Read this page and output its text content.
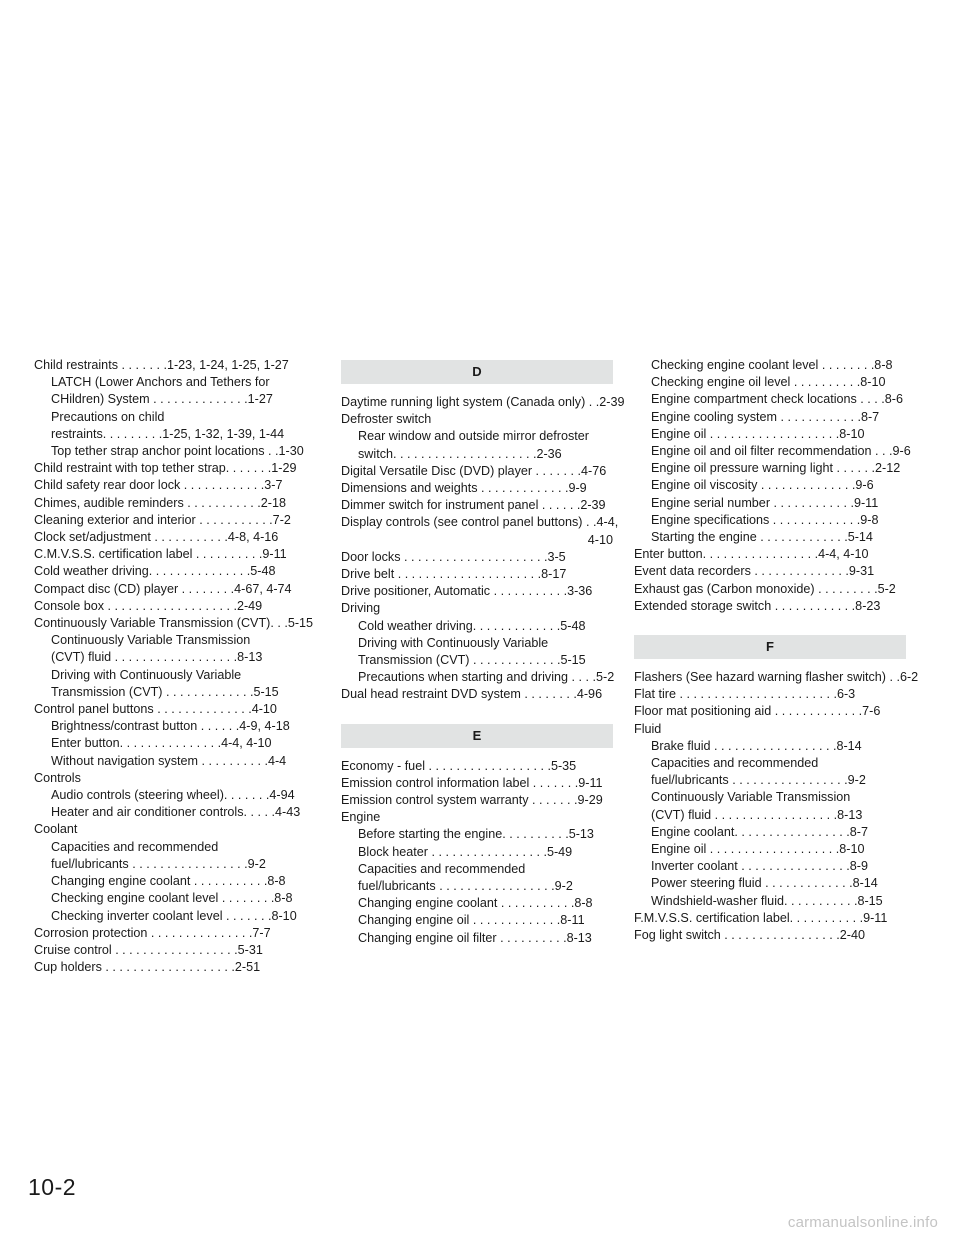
Child restraints . . . . . . .1-23, 1-24, 1-25, 1-27
LATCH (Lower Anchors and Tethers for
CHildren) System . . . . . . . . . . . . . .1-27
Precautions on child
restraints. . . . . . . . .1-25, 1-32, 1-39, 1-44
Top tether strap anchor point locations . .1-30
Child restraint with top tether strap. . . . . . .1-29
Child safety rear door lock . . . . . . . . . . . .3-7
Chimes, audible reminders . . . . . . . . . . .2-18
Cleaning exterior and interior . . . . . . . . . . .7-2
Clock set/adjustment . . . . . . . . . . .4-8, 4-16
C.M.V.S.S. certification label . . . . . . . . . .9-11
Cold weather driving. . . . . . . . . . . . . . .5-48
Compact disc (CD) player . . . . . . . .4-67, 4-74
Console box . . . . . . . . . . . . . . . . . . .2-49
Continuously Variable Transmission (CVT). . .5-15
Continuously Variable Transmission
(CVT) fluid . . . . . . . . . . . . . . . . . .8-13
Driving with Continuously Variable
Transmission (CVT) . . . . . . . . . . . . .5-15
Control panel buttons . . . . . . . . . . . . . .4-10
Brightness/contrast button . . . . . .4-9, 4-18
Enter button. . . . . . . . . . . . . . .4-4, 4-10
Without navigation system . . . . . . . . . .4-4
Controls
Audio controls (steering wheel). . . . . . .4-94
Heater and air conditioner controls. . . . .4-43
Coolant
Capacities and recommended
fuel/lubricants . . . . . . . . . . . . . . . . .9-2
Changing engine coolant . . . . . . . . . . .8-8
Checking engine coolant level . . . . . . . .8-8
Checking inverter coolant level . . . . . . .8-10
Corrosion protection . . . . . . . . . . . . . . .7-7
Cruise control . . . . . . . . . . . . . . . . . .5-31
Cup holders . . . . . . . . . . . . . . . . . . .2-51
D
Daytime running light system (Canada only) . .2-39
Defroster switch
Rear window and outside mirror defroster
switch. . . . . . . . . . . . . . . . . . . . .2-36
Digital Versatile Disc (DVD) player . . . . . . .4-76
Dimensions and weights . . . . . . . . . . . . .9-9
Dimmer switch for instrument panel . . . . . .2-39
Display controls (see control panel buttons) . .4-4,
4-10
Door locks . . . . . . . . . . . . . . . . . . . . .3-5
Drive belt . . . . . . . . . . . . . . . . . . . . .8-17
Drive positioner, Automatic . . . . . . . . . . .3-36
Driving
Cold weather driving. . . . . . . . . . . . .5-48
Driving with Continuously Variable
Transmission (CVT) . . . . . . . . . . . . .5-15
Precautions when starting and driving . . . .5-2
Dual head restraint DVD system . . . . . . . .4-96
E
Economy - fuel . . . . . . . . . . . . . . . . . .5-35
Emission control information label . . . . . . .9-11
Emission control system warranty . . . . . . .9-29
Engine
Before starting the engine. . . . . . . . . .5-13
Block heater . . . . . . . . . . . . . . . . .5-49
Capacities and recommended
fuel/lubricants . . . . . . . . . . . . . . . . .9-2
Changing engine coolant . . . . . . . . . . .8-8
Changing engine oil . . . . . . . . . . . . .8-11
Changing engine oil filter . . . . . . . . . .8-13
Checking engine coolant level . . . . . . . .8-8
Checking engine oil level . . . . . . . . . .8-10
Engine compartment check locations . . . .8-6
Engine cooling system . . . . . . . . . . . .8-7
Engine oil . . . . . . . . . . . . . . . . . . .8-10
Engine oil and oil filter recommendation . . .9-6
Engine oil pressure warning light . . . . . .2-12
Engine oil viscosity . . . . . . . . . . . . . .9-6
Engine serial number . . . . . . . . . . . .9-11
Engine specifications . . . . . . . . . . . . .9-8
Starting the engine . . . . . . . . . . . . .5-14
Enter button. . . . . . . . . . . . . . . . .4-4, 4-10
Event data recorders . . . . . . . . . . . . . .9-31
Exhaust gas (Carbon monoxide) . . . . . . . . .5-2
Extended storage switch . . . . . . . . . . . .8-23
F
Flashers (See hazard warning flasher switch) . .6-2
Flat tire . . . . . . . . . . . . . . . . . . . . . . .6-3
Floor mat positioning aid . . . . . . . . . . . . .7-6
Fluid
Brake fluid . . . . . . . . . . . . . . . . . .8-14
Capacities and recommended
fuel/lubricants . . . . . . . . . . . . . . . . .9-2
Continuously Variable Transmission
(CVT) fluid . . . . . . . . . . . . . . . . . .8-13
Engine coolant. . . . . . . . . . . . . . . . .8-7
Engine oil . . . . . . . . . . . . . . . . . . .8-10
Inverter coolant . . . . . . . . . . . . . . . .8-9
Power steering fluid . . . . . . . . . . . . .8-14
Windshield-washer fluid. . . . . . . . . . .8-15
F.M.V.S.S. certification label. . . . . . . . . . .9-11
Fog light switch . . . . . . . . . . . . . . . . .2-40
10-2
carmanualsonline.info
